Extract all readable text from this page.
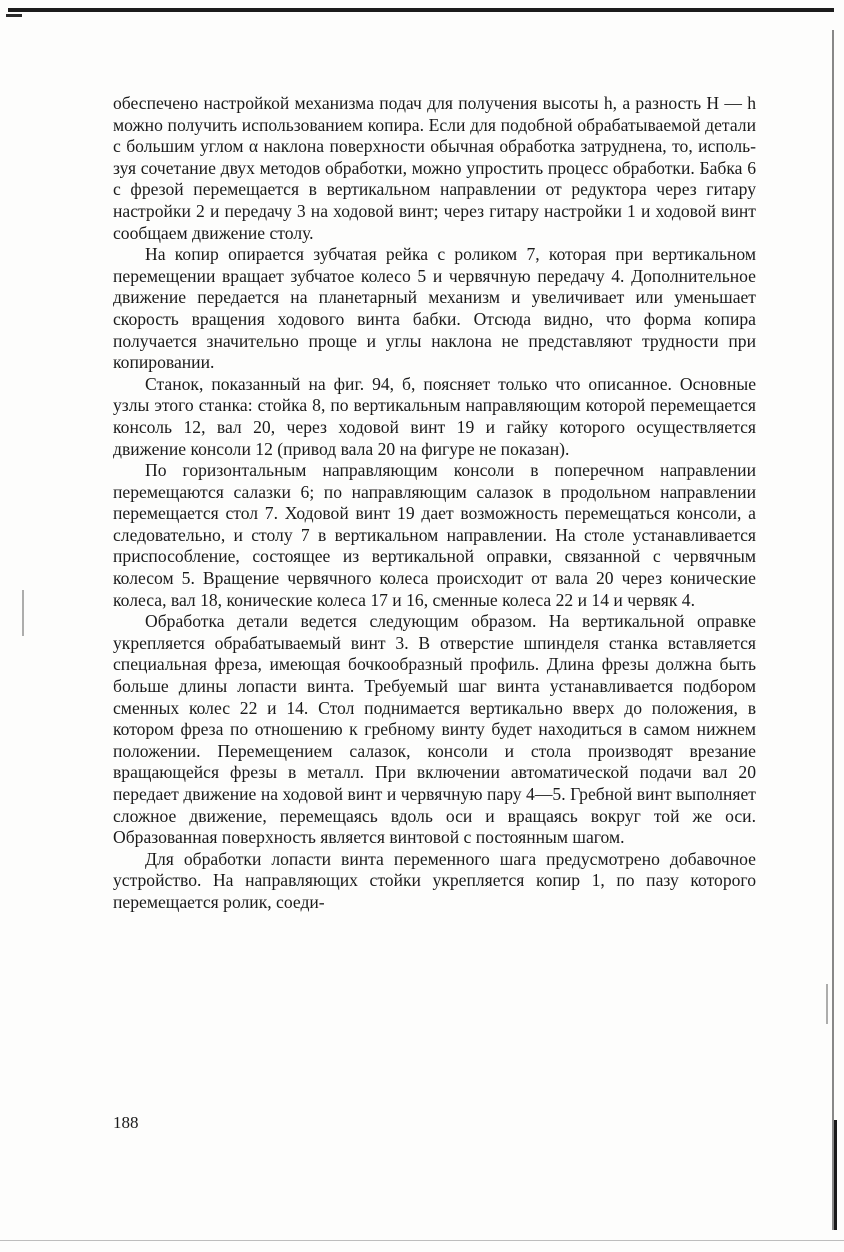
обеспечено настройкой механизма подач для получения высоты h, а разность H — h можно получить использованием копира. Если для подобной обрабатываемой детали с большим углом α наклона поверхности обычная обработка затруднена, то, используя сочетание двух методов обработки, можно упростить процесс обработки. Бабка 6 с фрезой перемещается в вертикальном направлении от редуктора через гитару настройки 2 и передачу 3 на ходовой винт; через гитару настройки 1 и ходовой винт сообщаем движение столу.

На копир опирается зубчатая рейка с роликом 7, которая при вертикальном перемещении вращает зубчатое колесо 5 и червячную передачу 4. Дополнительное движение передается на планетарный механизм и увеличивает или уменьшает скорость вращения ходового винта бабки. Отсюда видно, что форма копира получается значительно проще и углы наклона не представляют трудности при копировании.

Станок, показанный на фиг. 94, б, поясняет только что описанное. Основные узлы этого станка: стойка 8, по вертикальным направляющим которой перемещается консоль 12, вал 20, через ходовой винт 19 и гайку которого осуществляется движение консоли 12 (привод вала 20 на фигуре не показан).

По горизонтальным направляющим консоли в поперечном направлении перемещаются салазки 6; по направляющим салазок в продольном направлении перемещается стол 7. Ходовой винт 19 дает возможность перемещаться консоли, а следовательно, и столу 7 в вертикальном направлении. На столе устанавливается приспособление, состоящее из вертикальной оправки, связанной с червячным колесом 5. Вращение червячного колеса происходит от вала 20 через конические колеса, вал 18, конические колеса 17 и 16, сменные колеса 22 и 14 и червяк 4.

Обработка детали ведется следующим образом. На вертикальной оправке укрепляется обрабатываемый винт 3. В отверстие шпинделя станка вставляется специальная фреза, имеющая бочкообразный профиль. Длина фрезы должна быть больше длины лопасти винта. Требуемый шаг винта устанавливается подбором сменных колес 22 и 14. Стол поднимается вертикально вверх до положения, в котором фреза по отношению к гребному винту будет находиться в самом нижнем положении. Перемещением салазок, консоли и стола производят врезание вращающейся фрезы в металл. При включении автоматической подачи вал 20 передает движение на ходовой винт и червячную пару 4—5. Гребной винт выполняет сложное движение, перемещаясь вдоль оси и вращаясь вокруг той же оси. Образованная поверхность является винтовой с постоянным шагом.

Для обработки лопасти винта переменного шага предусмотрено добавочное устройство. На направляющих стойки укрепляется копир 1, по пазу которого перемещается ролик, соеди-

188
